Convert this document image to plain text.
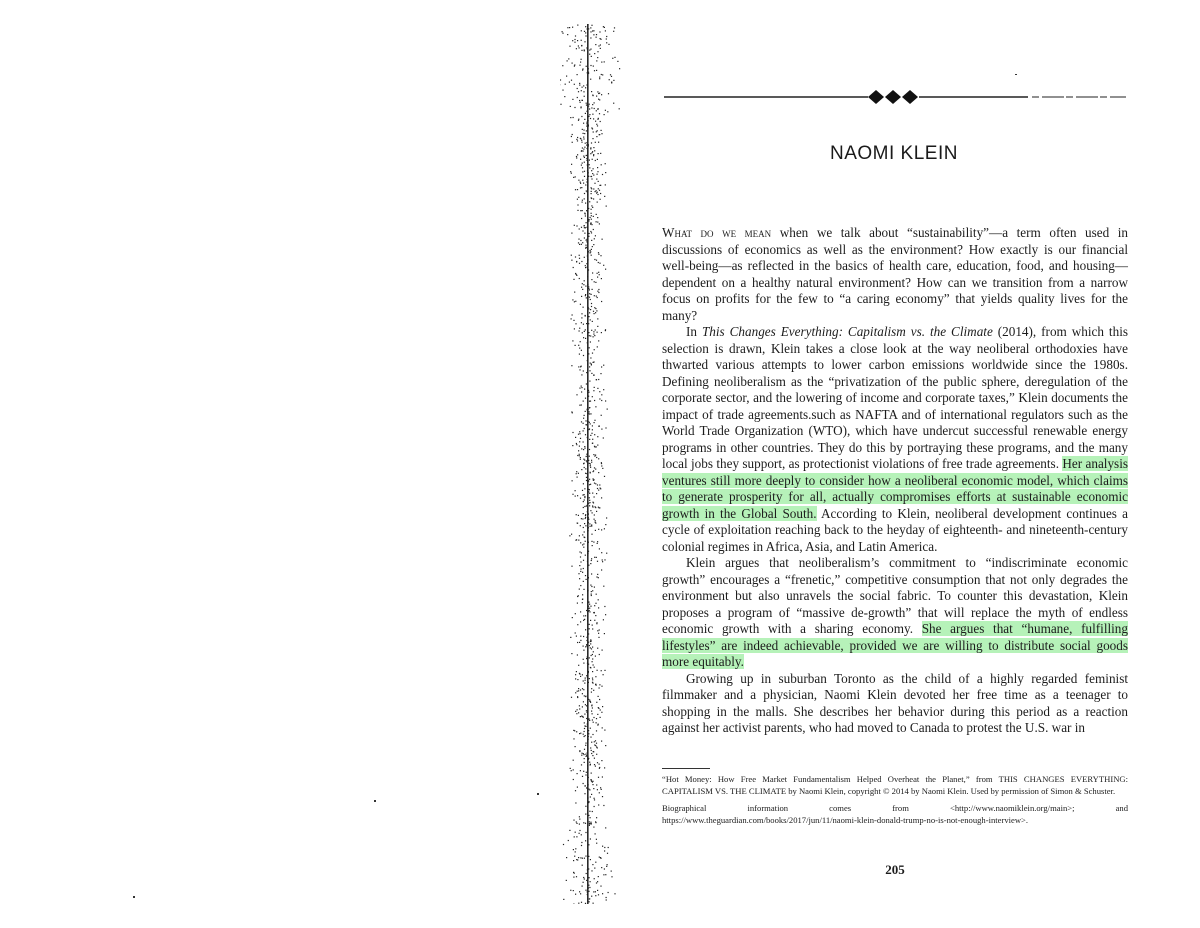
NAOMI KLEIN

What do we mean when we talk about “sustainability”—a term often used in discussions of economics as well as the environment? How exactly is our financial well-being—as reflected in the basics of health care, education, food, and housing—dependent on a healthy natural environment? How can we transition from a narrow focus on profits for the few to “a caring economy” that yields quality lives for the many?

In This Changes Everything: Capitalism vs. the Climate (2014), from which this selection is drawn, Klein takes a close look at the way neoliberal orthodoxies have thwarted various attempts to lower carbon emissions worldwide since the 1980s. Defining neoliberalism as the “privatization of the public sphere, deregulation of the corporate sector, and the lowering of income and corporate taxes,” Klein documents the impact of trade agreements.such as NAFTA and of international regulators such as the World Trade Organization (WTO), which have undercut successful renewable energy programs in other countries. They do this by portraying these programs, and the many local jobs they support, as protectionist violations of free trade agreements. Her analysis ventures still more deeply to consider how a neoliberal economic model, which claims to generate prosperity for all, actually compromises efforts at sustainable economic growth in the Global South. According to Klein, neoliberal development continues a cycle of exploitation reaching back to the heyday of eighteenth- and nineteenth-century colonial regimes in Africa, Asia, and Latin America.

Klein argues that neoliberalism’s commitment to “indiscriminate economic growth” encourages a “frenetic,” competitive consumption that not only degrades the environment but also unravels the social fabric. To counter this devastation, Klein proposes a program of “massive de-growth” that will replace the myth of endless economic growth with a sharing economy. She argues that “humane, fulfilling lifestyles” are indeed achievable, provided we are willing to distribute social goods more equitably.

Growing up in suburban Toronto as the child of a highly regarded feminist filmmaker and a physician, Naomi Klein devoted her free time as a teenager to shopping in the malls. She describes her behavior during this period as a reaction against her activist parents, who had moved to Canada to protest the U.S. war in

“Hot Money: How Free Market Fundamentalism Helped Overheat the Planet,” from THIS CHANGES EVERYTHING: CAPITALISM VS. THE CLIMATE by Naomi Klein, copyright © 2014 by Naomi Klein. Used by permission of Simon & Schuster.

Biographical information comes from <http://www.naomiklein.org/main>; and https://www.theguardian.com/books/2017/jun/11/naomi-klein-donald-trump-no-is-not-enough-interview>.

205
